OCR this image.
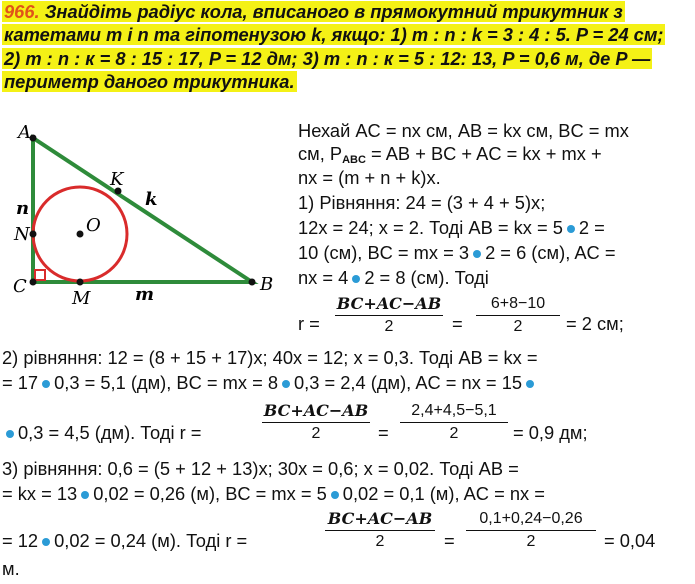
966. Знайдіть радіус кола, вписаного в прямокутний трикутник з катетами m і n та гіпотенузою k, якщо: 1) m : n : k = 3 : 4 : 5. P = 24 см; 2) m : n : к = 8 : 15 : 17, P = 12 дм; 3) m : n : к = 5 : 12: 13, P = 0,6 м, де P — периметр даного трикутника.
A
B
C
K
N
M
O
n	k
m
Нехай AC = nx см, AB = kx см, BC = mx
см, $P_{ABC}$ = AB + BC + AC = kx + mx +
nx = (m + n + k)x.
1) Рівняння: 24 = (3 + 4 + 5)x;
12x = 24; x = 2. Тоді AB = kx = 5 2 =
10 (см), BC = mx = 3 2 = 6 (см), AC =
nx = 4 2 = 8 (см). Тоді
$r = \frac{BC+AC-AB}{2} = \frac{6+8-10}{2} = 2$ см;
2) рівняння: 12 = (8 + 15 + 17)x; 40x = 12; x = 0,3. Тоді AB = kx =
= 17 0,3 = 5,1 (дм), BC = mx = 8 0,3 = 2,4 (дм), AC = nx = 15
0,3 = 4,5 (дм). Тоді r =	$\frac{BC+AC-AB}{2} = \frac{2,4+4,5-5,1}{2} = 0,9$ дм;
3) рівняння: 0,6 = (5 + 12 + 13)x; 30x = 0,6; x = 0,02. Тоді AB =
= kx = 13 0,02 = 0,26 (м), BC = mx = 5 0,02 = 0,1 (м), AC = nx =
= 12 0,02 = 0,24 (м). Тоді r =	$\frac{BC+AC-AB}{2} = \frac{0,1+0,24-0,26}{2} = 0,04$
м.
